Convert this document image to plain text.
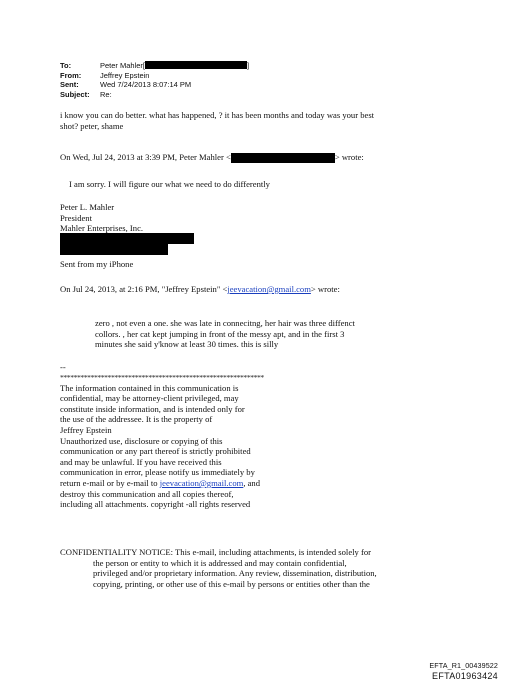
To:	Peter Mahler[	]
From:	Jeffrey Epstein
Sent:	Wed 7/24/2013 8:07:14 PM
Subject:	Re:
i know you can do better. what has happened, ? it has been months and today was your best
shot? peter, shame
On Wed, Jul 24, 2013 at 3:39 PM, Peter Mahler <	> wrote:
I am sorry. I will figure our what we need to do differently
Peter L. Mahler
President
Mahler Enterprises, Inc.
Sent from my iPhone
On Jul 24, 2013, at 2:16 PM, "Jeffrey Epstein" <jeevacation@gmail.com> wrote:
zero , not even a one. she was late in connecitng, her hair was three diffenct
collors. , her cat kept jumping in front of the messy apt, and in the first 3
minutes she said y'know at least 30 times. this is silly
--
************************************************************
The information contained in this communication is
confidential, may be attorney-client privileged, may
constitute inside information, and is intended only for
the use of the addressee. It is the property of
Jeffrey Epstein
Unauthorized use, disclosure or copying of this
communication or any part thereof is strictly prohibited
and may be unlawful. If you have received this
communication in error, please notify us immediately by
return e-mail or by e-mail to jeevacation@gmail.com, and
destroy this communication and all copies thereof,
including all attachments. copyright -all rights reserved
CONFIDENTIALITY NOTICE: This e-mail, including attachments, is intended solely for
the person or entity to which it is addressed and may contain confidential,
privileged and/or proprietary information. Any review, dissemination, distribution,
copying, printing, or other use of this e-mail by persons or entities other than the
EFTA_R1_00439522
EFTA01963424
